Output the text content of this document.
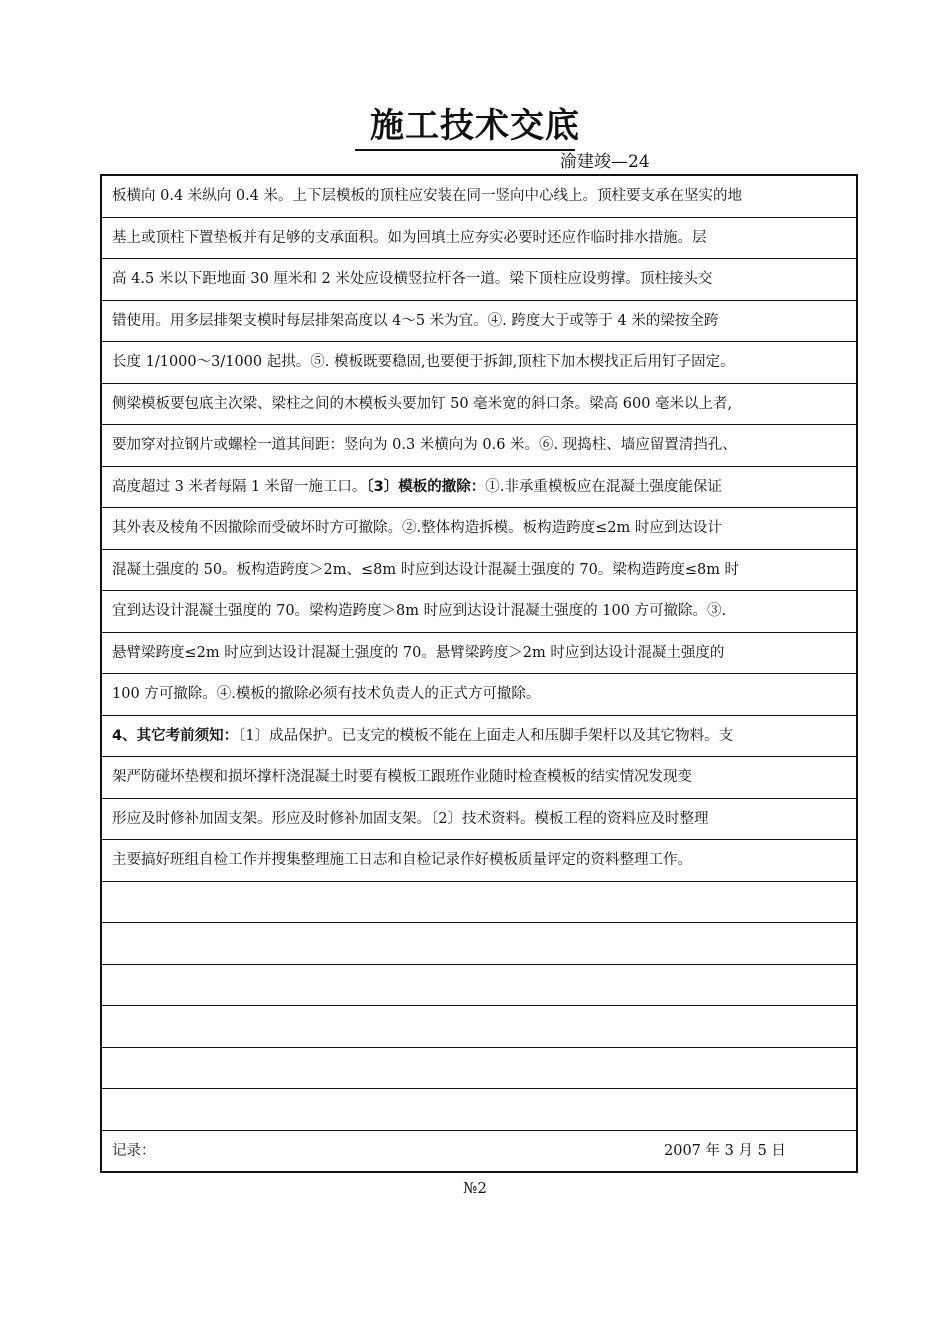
施工技术交底
渝建竣—24
板横向 0.4 米纵向 0.4 米。上下层模板的顶柱应安装在同一竖向中心线上。顶柱要支承在坚实的地
基上或顶柱下置垫板并有足够的支承面积。如为回填土应夯实必要时还应作临时排水措施。层
高 4.5 米以下距地面 30 厘米和 2 米处应设横竖拉杆各一道。梁下顶柱应设剪撑。顶柱接头交
错使用。用多层排架支模时每层排架高度以 4～5 米为宜。④. 跨度大于或等于 4 米的梁按全跨
长度 1/1000～3/1000 起拱。⑤. 模板既要稳固,也要便于拆卸,顶柱下加木楔找正后用钉子固定。
侧梁模板要包底主次梁、梁柱之间的木模板头要加钉 50 毫米宽的斜口条。梁高 600 毫米以上者,
要加穿对拉钢片或螺栓一道其间距：竖向为 0.3 米横向为 0.6 米。⑥. 现捣柱、墙应留置清挡孔、
高度超过 3 米者每隔 1 米留一施工口。〔3〕模板的撤除：①.非承重模板应在混凝土强度能保证
其外表及棱角不因撤除而受破坏时方可撤除。②.整体构造拆模。板构造跨度≤2m 时应到达设计
混凝土强度的 50。板构造跨度＞2m、≤8m 时应到达设计混凝土强度的 70。梁构造跨度≤8m 时
宜到达设计混凝土强度的 70。梁构造跨度＞8m 时应到达设计混凝土强度的 100 方可撤除。③.
悬臂梁跨度≤2m 时应到达设计混凝土强度的 70。悬臂梁跨度＞2m 时应到达设计混凝土强度的
100 方可撤除。④.模板的撤除必须有技术负责人的正式方可撤除。
4、其它考前须知：〔1〕成品保护。已支完的模板不能在上面走人和压脚手架杆以及其它物料。支
架严防碰坏垫楔和损坏撑杆浇混凝土时要有模板工跟班作业随时检查模板的结实情况发现变
形应及时修补加固支架。形应及时修补加固支架。〔2〕技术资料。模板工程的资料应及时整理
主要搞好班组自检工作并搜集整理施工日志和自检记录作好模板质量评定的资料整理工作。
记录：	2007 年 3 月 5 日
№2
